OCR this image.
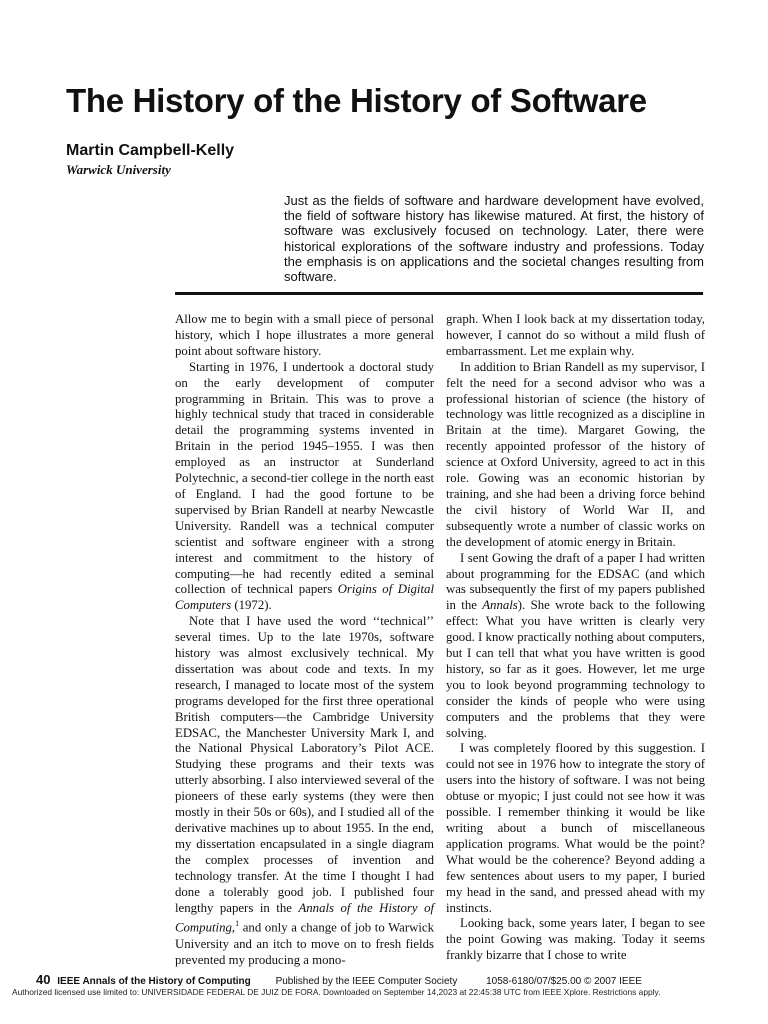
The History of the History of Software
Martin Campbell-Kelly
Warwick University
Just as the fields of software and hardware development have evolved, the field of software history has likewise matured. At first, the history of software was exclusively focused on technology. Later, there were historical explorations of the software industry and professions. Today the emphasis is on applications and the societal changes resulting from software.

Allow me to begin with a small piece of personal history, which I hope illustrates a more general point about software history.

Starting in 1976, I undertook a doctoral study on the early development of computer programming in Britain. This was to prove a highly technical study that traced in considerable detail the programming systems invented in Britain in the period 1945–1955. I was then employed as an instructor at Sunderland Polytechnic, a second-tier college in the north east of England. I had the good fortune to be supervised by Brian Randell at nearby Newcastle University. Randell was a technical computer scientist and software engineer with a strong interest and commitment to the history of computing—he had recently edited a seminal collection of technical papers Origins of Digital Computers (1972).

Note that I have used the word ‘‘technical’’ several times. Up to the late 1970s, software history was almost exclusively technical. My dissertation was about code and texts. In my research, I managed to locate most of the system programs developed for the first three operational British computers—the Cambridge University EDSAC, the Manchester University Mark I, and the National Physical Laboratory’s Pilot ACE. Studying these programs and their texts was utterly absorbing. I also interviewed several of the pioneers of these early systems (they were then mostly in their 50s or 60s), and I studied all of the derivative machines up to about 1955. In the end, my dissertation encapsulated in a single diagram the complex processes of invention and technology transfer. At the time I thought I had done a tolerably good job. I published four lengthy papers in the Annals of the History of Computing,$^1$ and only a change of job to Warwick University and an itch to move on to fresh fields prevented my producing a mono-

graph. When I look back at my dissertation today, however, I cannot do so without a mild flush of embarrassment. Let me explain why.

In addition to Brian Randell as my supervisor, I felt the need for a second advisor who was a professional historian of science (the history of technology was little recognized as a discipline in Britain at the time). Margaret Gowing, the recently appointed professor of the history of science at Oxford University, agreed to act in this role. Gowing was an economic historian by training, and she had been a driving force behind the civil history of World War II, and subsequently wrote a number of classic works on the development of atomic energy in Britain.

I sent Gowing the draft of a paper I had written about programming for the EDSAC (and which was subsequently the first of my papers published in the Annals). She wrote back to the following effect: What you have written is clearly very good. I know practically nothing about computers, but I can tell that what you have written is good history, so far as it goes. However, let me urge you to look beyond programming technology to consider the kinds of people who were using computers and the problems that they were solving.

I was completely floored by this suggestion. I could not see in 1976 how to integrate the story of users into the history of software. I was not being obtuse or myopic; I just could not see how it was possible. I remember thinking it would be like writing about a bunch of miscellaneous application programs. What would be the point? What would be the coherence? Beyond adding a few sentences about users to my paper, I buried my head in the sand, and pressed ahead with my instincts.

Looking back, some years later, I began to see the point Gowing was making. Today it seems frankly bizarre that I chose to write

40 IEEE Annals of the History of Computing Published by the IEEE Computer Society	1058-6180/07/$25.00 © 2007 IEEE
Authorized licensed use limited to: UNIVERSIDADE FEDERAL DE JUIZ DE FORA. Downloaded on September 14,2023 at 22:45:38 UTC from IEEE Xplore. Restrictions apply.
